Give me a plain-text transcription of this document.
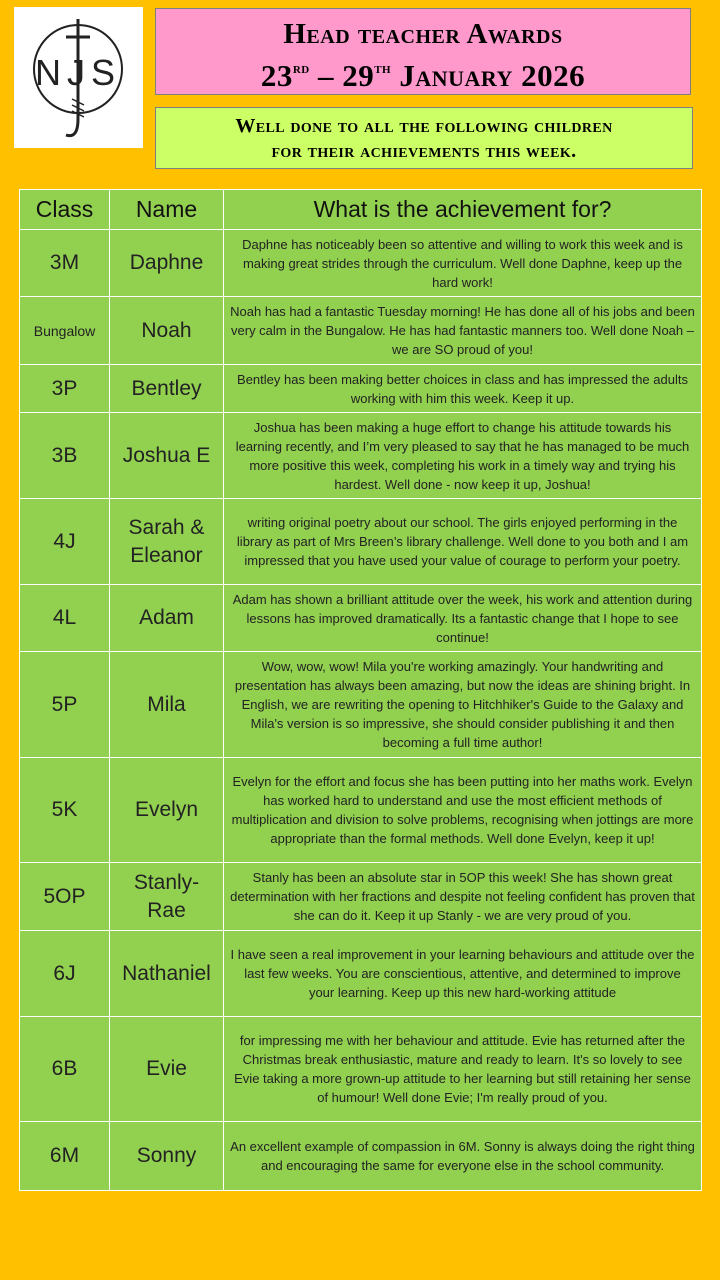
NJS
Head teacher Awards
23rd – 29th January 2026
Well done to all the following children
for their achievements this week.
Class	Name	What is the achievement for?
3M	Daphne	Daphne has noticeably been so attentive and willing to work this week and is making great strides through the curriculum. Well done Daphne, keep up the hard work!
Bungalow	Noah	Noah has had a fantastic Tuesday morning! He has done all of his jobs and been very calm in the Bungalow. He has had fantastic manners too. Well done Noah – we are SO proud of you!
3P	Bentley	Bentley has been making better choices in class and has impressed the adults working with him this week. Keep it up.
3B	Joshua E	Joshua has been making a huge effort to change his attitude towards his learning recently, and I’m very pleased to say that he has managed to be much more positive this week, completing his work in a timely way and trying his hardest. Well done - now keep it up, Joshua!
4J	Sarah & Eleanor	writing original poetry about our school. The girls enjoyed performing in the library as part of Mrs Breen’s library challenge. Well done to you both and I am impressed that you have used your value of courage to perform your poetry.
4L	Adam	Adam has shown a brilliant attitude over the week, his work and attention during lessons has improved dramatically. Its a fantastic change that I hope to see continue!
5P	Mila	Wow, wow, wow! Mila you're working amazingly. Your handwriting and presentation has always been amazing, but now the ideas are shining bright. In English, we are rewriting the opening to Hitchhiker's Guide to the Galaxy and Mila's version is so impressive, she should consider publishing it and then becoming a full time author!
5K	Evelyn	Evelyn for the effort and focus she has been putting into her maths work. Evelyn has worked hard to understand and use the most efficient methods of multiplication and division to solve problems, recognising when jottings are more appropriate than the formal methods. Well done Evelyn, keep it up!
5OP	Stanly-Rae	Stanly has been an absolute star in 5OP this week! She has shown great determination with her fractions and despite not feeling confident has proven that she can do it. Keep it up Stanly - we are very proud of you.
6J	Nathaniel	I have seen a real improvement in your learning behaviours and attitude over the last few weeks. You are conscientious, attentive, and determined to improve your learning. Keep up this new hard-working attitude
6B	Evie	for impressing me with her behaviour and attitude. Evie has returned after the Christmas break enthusiastic, mature and ready to learn. It's so lovely to see Evie taking a more grown-up attitude to her learning but still retaining her sense of humour! Well done Evie; I'm really proud of you.
6M	Sonny	An excellent example of compassion in 6M. Sonny is always doing the right thing and encouraging the same for everyone else in the school community.
